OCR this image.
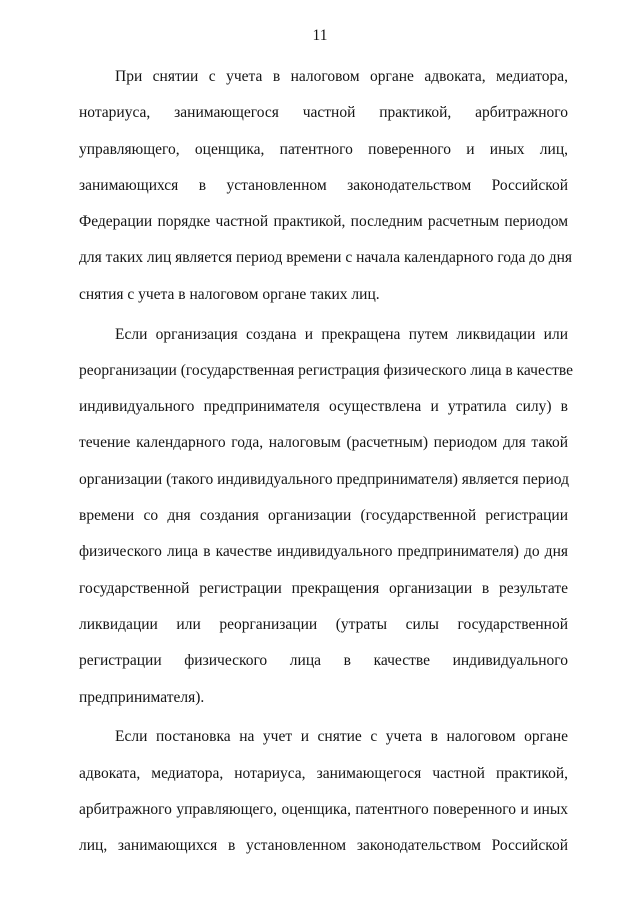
11
При снятии с учета в налоговом органе адвоката, медиатора,
нотариуса, занимающегося частной практикой, арбитражного
управляющего, оценщика, патентного поверенного и иных лиц,
занимающихся в установленном законодательством Российской
Федерации порядке частной практикой, последним расчетным периодом
для таких лиц является период времени с начала календарного года до дня
снятия с учета в налоговом органе таких лиц.
Если организация создана и прекращена путем ликвидации или
реорганизации (государственная регистрация физического лица в качестве
индивидуального предпринимателя осуществлена и утратила силу) в
течение календарного года, налоговым (расчетным) периодом для такой
организации (такого индивидуального предпринимателя) является период
времени со дня создания организации (государственной регистрации
физического лица в качестве индивидуального предпринимателя) до дня
государственной регистрации прекращения организации в результате
ликвидации или реорганизации (утраты силы государственной
регистрации физического лица в качестве индивидуального
предпринимателя).
Если постановка на учет и снятие с учета в налоговом органе
адвоката, медиатора, нотариуса, занимающегося частной практикой,
арбитражного управляющего, оценщика, патентного поверенного и иных
лиц, занимающихся в установленном законодательством Российской
